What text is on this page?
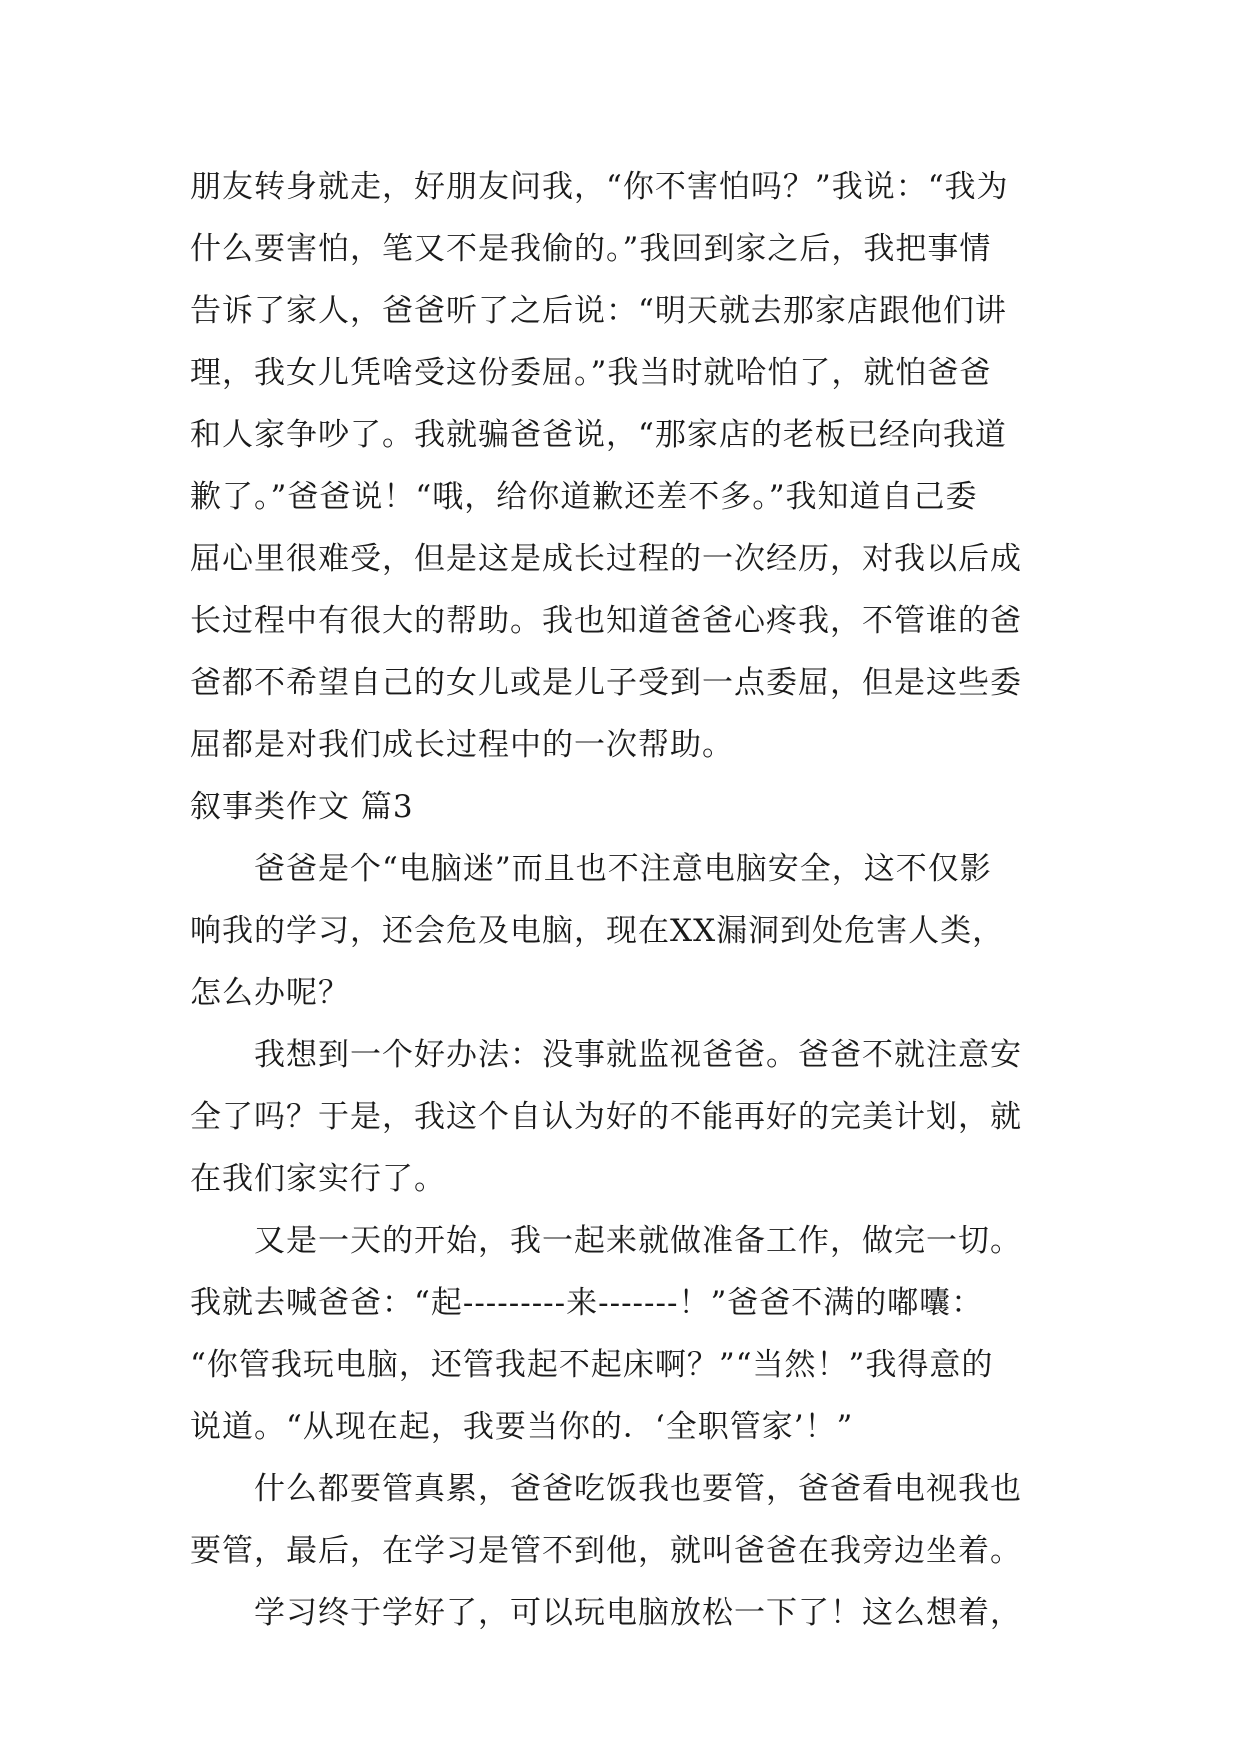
朋友转身就走，好朋友问我，“你不害怕吗？”我说：“我为
什么要害怕，笔又不是我偷的。”我回到家之后，我把事情
告诉了家人，爸爸听了之后说：“明天就去那家店跟他们讲
理，我女儿凭啥受这份委屈。”我当时就哈怕了，就怕爸爸
和人家争吵了。我就骗爸爸说，“那家店的老板已经向我道
歉了。”爸爸说！“哦，给你道歉还差不多。”我知道自己委
屈心里很难受，但是这是成长过程的一次经历，对我以后成
长过程中有很大的帮助。我也知道爸爸心疼我，不管谁的爸
爸都不希望自己的女儿或是儿子受到一点委屈，但是这些委
屈都是对我们成长过程中的一次帮助。
叙事类作文 篇3
爸爸是个“电脑迷”而且也不注意电脑安全，这不仅影
响我的学习，还会危及电脑，现在XX漏洞到处危害人类，
怎么办呢？
我想到一个好办法：没事就监视爸爸。爸爸不就注意安
全了吗？于是，我这个自认为好的不能再好的完美计划，就
在我们家实行了。
又是一天的开始，我一起来就做准备工作，做完一切。
我就去喊爸爸：“起---------来-------！”爸爸不满的嘟囔：
“你管我玩电脑，还管我起不起床啊？”“当然！”我得意的
说道。“从现在起，我要当你的．‘全职管家’！”
什么都要管真累，爸爸吃饭我也要管，爸爸看电视我也
要管，最后，在学习是管不到他，就叫爸爸在我旁边坐着。
学习终于学好了，可以玩电脑放松一下了！这么想着，
